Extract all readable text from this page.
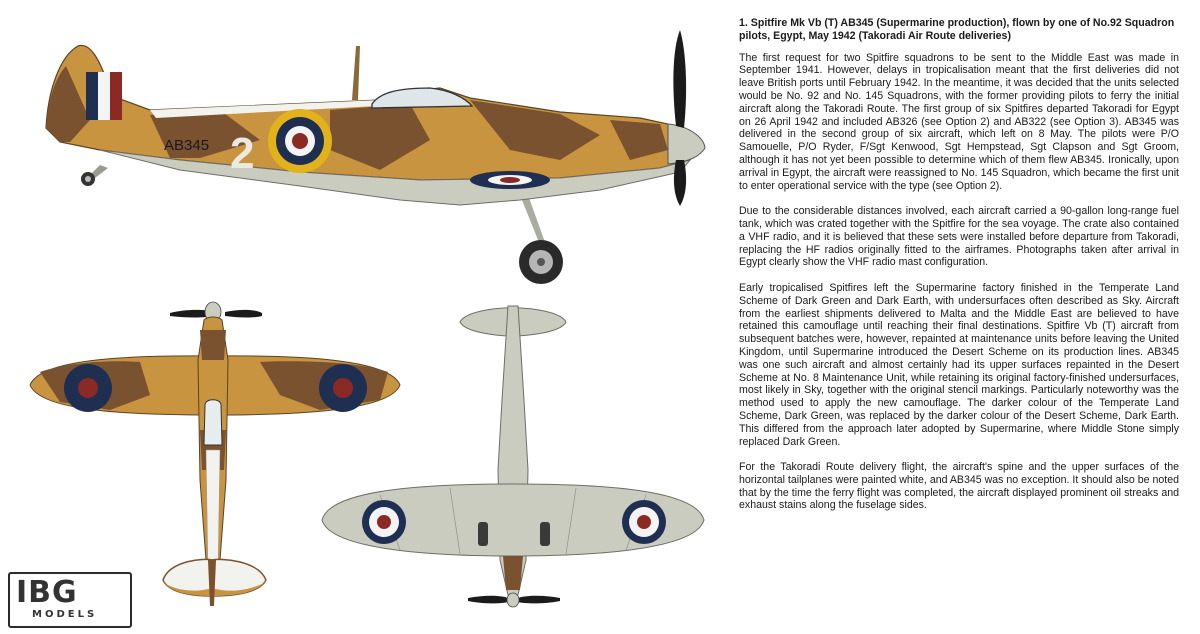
AB345 2
IBG
MODELS
1. Spitfire Mk Vb (T) AB345 (Supermarine production), flown by one of No.92 Squadron pilots, Egypt, May 1942 (Takoradi Air Route deliveries)

The first request for two Spitfire squadrons to be sent to the Middle East was made in September 1941. However, delays in tropicalisation meant that the first deliveries did not leave British ports until February 1942. In the meantime, it was decided that the units selected would be No. 92 and No. 145 Squadrons, with the former providing pilots to ferry the initial aircraft along the Takoradi Route. The first group of six Spitfires departed Takoradi for Egypt on 26 April 1942 and included AB326 (see Option 2) and AB322 (see Option 3). AB345 was delivered in the second group of six aircraft, which left on 8 May. The pilots were P/O Samouelle, P/O Ryder, F/Sgt Kenwood, Sgt Hempstead, Sgt Clapson and Sgt Groom, although it has not yet been possible to determine which of them flew AB345. Ironically, upon arrival in Egypt, the aircraft were reassigned to No. 145 Squadron, which became the first unit to enter operational service with the type (see Option 2).

Due to the considerable distances involved, each aircraft carried a 90-gallon long-range fuel tank, which was crated together with the Spitfire for the sea voyage. The crate also contained a VHF radio, and it is believed that these sets were installed before departure from Takoradi, replacing the HF radios originally fitted to the airframes. Photographs taken after arrival in Egypt clearly show the VHF radio mast configuration.

Early tropicalised Spitfires left the Supermarine factory finished in the Temperate Land Scheme of Dark Green and Dark Earth, with undersurfaces often described as Sky. Aircraft from the earliest shipments delivered to Malta and the Middle East are believed to have retained this camouflage until reaching their final destinations. Spitfire Vb (T) aircraft from subsequent batches were, however, repainted at maintenance units before leaving the United Kingdom, until Supermarine introduced the Desert Scheme on its production lines. AB345 was one such aircraft and almost certainly had its upper surfaces repainted in the Desert Scheme at No. 8 Maintenance Unit, while retaining its original factory-finished undersurfaces, most likely in Sky, together with the original stencil markings. Particularly noteworthy was the method used to apply the new camouflage. The darker colour of the Temperate Land Scheme, Dark Green, was replaced by the darker colour of the Desert Scheme, Dark Earth. This differed from the approach later adopted by Supermarine, where Middle Stone simply replaced Dark Green.

For the Takoradi Route delivery flight, the aircraft's spine and the upper surfaces of the horizontal tailplanes were painted white, and AB345 was no exception. It should also be noted that by the time the ferry flight was completed, the aircraft displayed prominent oil streaks and exhaust stains along the fuselage sides.
